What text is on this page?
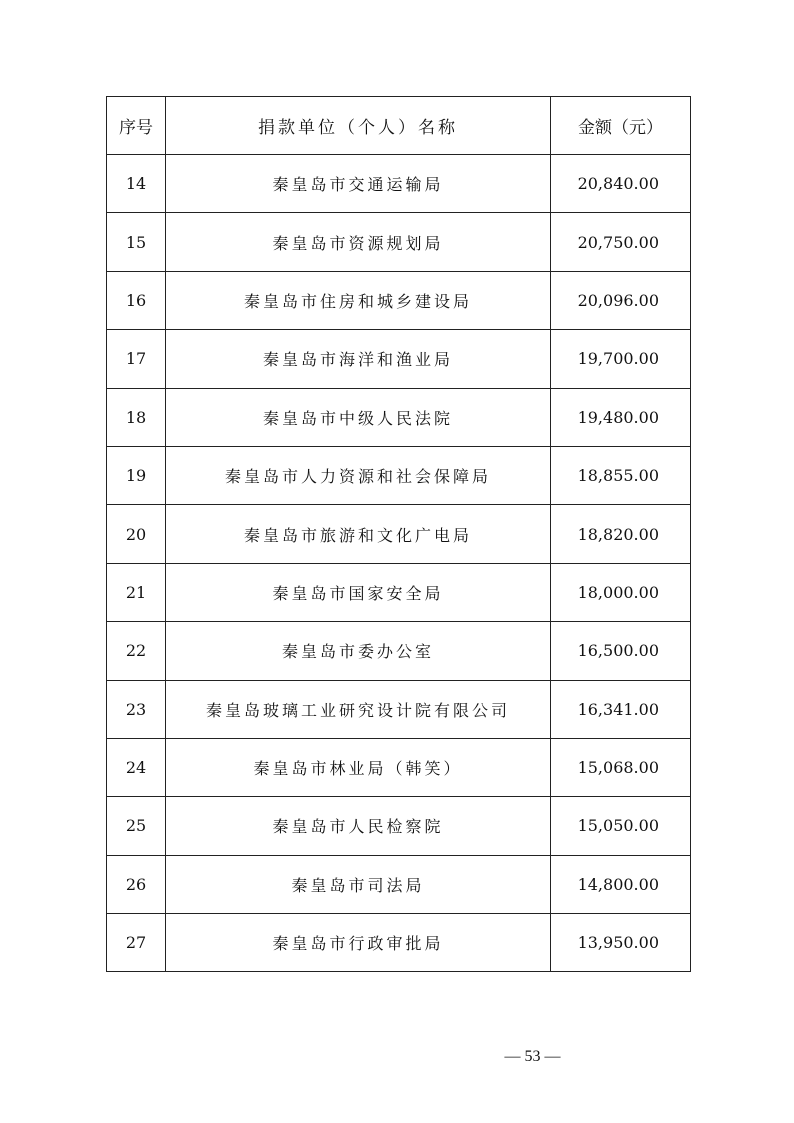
序号	捐款单位（个人）名称	金额（元）
14	秦皇岛市交通运输局	20,840.00
15	秦皇岛市资源规划局	20,750.00
16	秦皇岛市住房和城乡建设局	20,096.00
17	秦皇岛市海洋和渔业局	19,700.00
18	秦皇岛市中级人民法院	19,480.00
19	秦皇岛市人力资源和社会保障局	18,855.00
20	秦皇岛市旅游和文化广电局	18,820.00
21	秦皇岛市国家安全局	18,000.00
22	秦皇岛市委办公室	16,500.00
23	秦皇岛玻璃工业研究设计院有限公司	16,341.00
24	秦皇岛市林业局（韩笑）	15,068.00
25	秦皇岛市人民检察院	15,050.00
26	秦皇岛市司法局	14,800.00
27	秦皇岛市行政审批局	13,950.00
— 53 —
